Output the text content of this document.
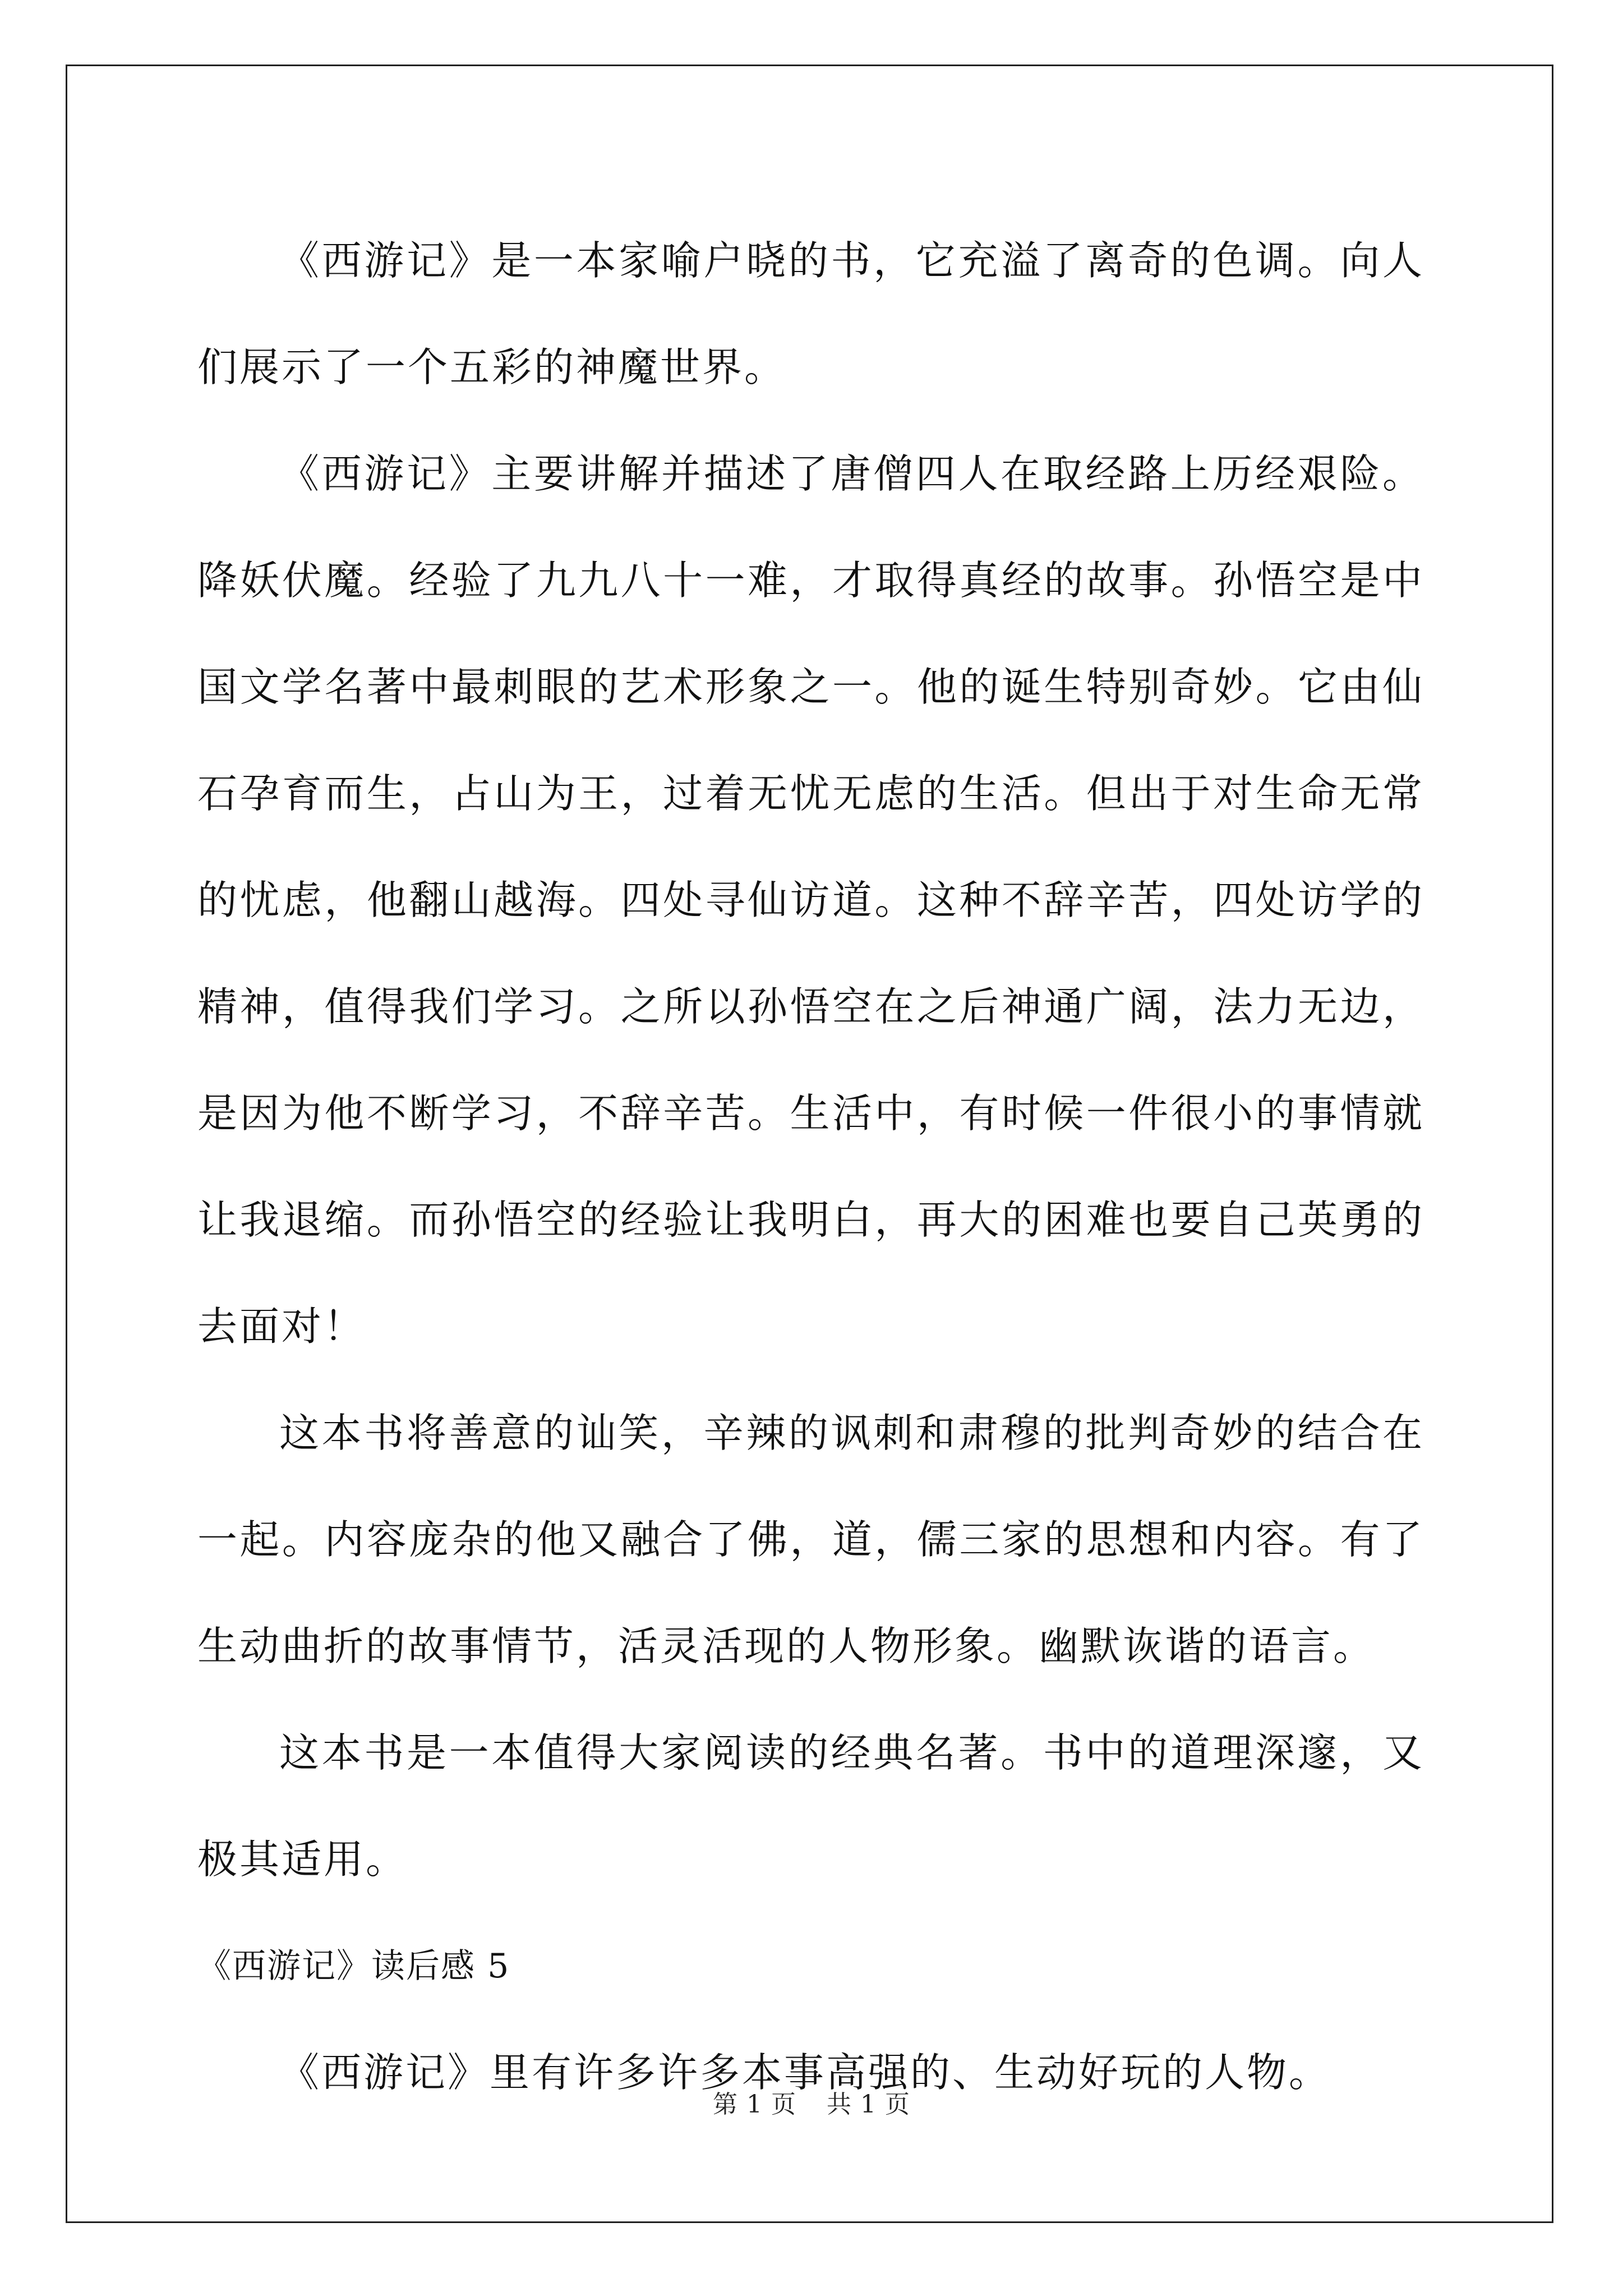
《西游记》是一本家喻户晓的书，它充溢了离奇的色调。向人们展示了一个五彩的神魔世界。

《西游记》主要讲解并描述了唐僧四人在取经路上历经艰险。降妖伏魔。经验了九九八十一难，才取得真经的故事。孙悟空是中国文学名著中最刺眼的艺术形象之一。他的诞生特别奇妙。它由仙石孕育而生，占山为王，过着无忧无虑的生活。但出于对生命无常的忧虑，他翻山越海。四处寻仙访道。这种不辞辛苦，四处访学的精神，值得我们学习。之所以孙悟空在之后神通广阔，法力无边，是因为他不断学习，不辞辛苦。生活中，有时候一件很小的事情就让我退缩。而孙悟空的经验让我明白，再大的困难也要自己英勇的去面对！

这本书将善意的讪笑，辛辣的讽刺和肃穆的批判奇妙的结合在一起。内容庞杂的他又融合了佛，道，儒三家的思想和内容。有了生动曲折的故事情节，活灵活现的人物形象。幽默诙谐的语言。

这本书是一本值得大家阅读的经典名著。书中的道理深邃，又极其适用。

《西游记》读后感 5

《西游记》里有许多许多本事高强的、生动好玩的人物。

第 1 页 共 1 页
